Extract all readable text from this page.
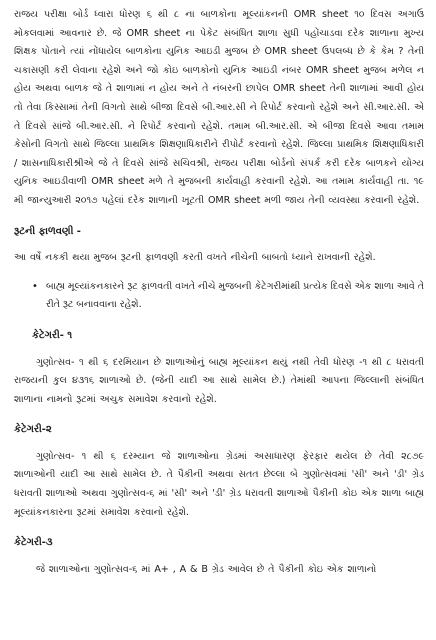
રાજય પરીક્ષા બોર્ડ ધ્વારા ધોરણ ૬ થી ૮ ના બાળકોના મૂલ્યાંકનની OMR sheet ૧૦ દિવસ અગાઉ મોકલવામાં આવનાર છે. જે OMR sheet ના પેકેટ સંબંધિત શાળા સુધી પહોંચાડવા દરેક શાળાના મુખ્ય શિક્ષક પોતાને ત્યાં નોંધાયેલ બાળકોના યુનિક આઇડી મુજબ છે OMR sheet ઉપલબ્ધ છે કે કેમ ? તેની ચકાસણી કરી લેવાના રહેશે અને જો કોઇ બાળકોનો યુનિક આઇડી નંબર OMR sheet મુજબ મળેલ ન હોય અથવા બાળક જે તે શાળામાં ન હોય અને તે નંબરની છાપેલ OMR sheet તેની શાળામાં આવી હોય તો તેવા કિસ્સામાં તેની વિગતો સાથે બીજા દિવસે બી.આર.સી ને રિપોર્ટ કરવાનો રહેશે અને સી.આર.સી. એ તે દિવસે સાંજે બી.આર.સી. ને રિપોર્ટ કરવાનો રહેશે. તમામ બી.આર.સી. એ બીજા દિવસે આવા તમામ કેસોની વિગતો સાથે જિલ્લા પ્રાથમિક શિક્ષણાધિકારીને રીપોર્ટ કરવાનો રહેશે. જિલ્લા પ્રાથમિક શિક્ષણાધિકારી / શાસનાધિકારીશ્રીએ જે તે દિવસે સાંજે સચિવશ્રી, રાજય પરીક્ષા બોર્ડનો સંપર્ક કરી દરેક બાળકને યોગ્ય યુનિક આઇડીવાળી OMR sheet મળે તે મુજબની કાર્યવાહી કરવાની રહેશે. આ તમામ કાર્યવાહી તા. ૧૯ મી જાન્યુઆરી ૨૦૧૭ પહેલાં દરેક શાળાની ખૂટતી OMR sheet મળી જાય તેની વ્યવસ્થા કરવાની રહેશે.

રૂટની ફાળવણી -

આ વર્ષે નકકી થયા મુજબ રૂટની ફાળવણી કરતી વખતે નીચેની બાબતો ધ્યાને રાખવાની રહેશે.

• બાહ્ય મૂલ્યાંકનકારને રૂટ ફાળવતી વખતે નીચે મુજબની કેટેગરીમાંથી પ્રત્યેક દિવસે એક શાળા આવે તે રીતે રૂટ બનાવવાના રહેશે.

કેટેગરી- ૧

ગુણોત્સવ- ૧ થી ૬ દરમિયાન છે શાળાઓનું બાહ્ય મૂલ્યાંકન થયું નથી તેવી ધોરણ -૧ થી ૮ ધરાવતી રાજયની કુલ ૪૩૧૬ શાળાઓ છે. (જેની યાદી આ સાથે સામેલ છે.) તેમાંથી આપના જિલ્લાની સંબંધિત શાળાના નામનો રૂટમાં અચુક સમાવેશ કરવાનો રહેશે.

કેટેગરી-૨

ગુણોત્સવ- ૧ થી ૬ દરમ્યાન જે શાળાઓના ગ્રેડમાં અસાધારણ ફેરફાર થયેલ છે તેવી ૨૮૭૯ શાળાઓની યાદી આ સાથે સામેલ છે. તે પૈકીની અથવા સતત છેલ્લા બે ગુણોત્સવમાં 'સી' અને 'ડી' ગ્રેડ ધરાવતી શાળાઓ અથવા ગુણોત્સવ-૬ માં 'સી' અને 'ડી' ગ્રેડ ધરાવતી શાળાઓ પૈકીની કોઇ એક શાળા બાહ્ય મૂલ્યાંકનકારના રૂટમાં સમાવેશ કરવાનો રહેશે.

કેટેગરી-૩

જે શાળાઓના ગુણોત્સવ-૬ માં A+ , A & B ગ્રેડ આવેલ છે તે પૈકીની કોઇ એક શાળાનો
